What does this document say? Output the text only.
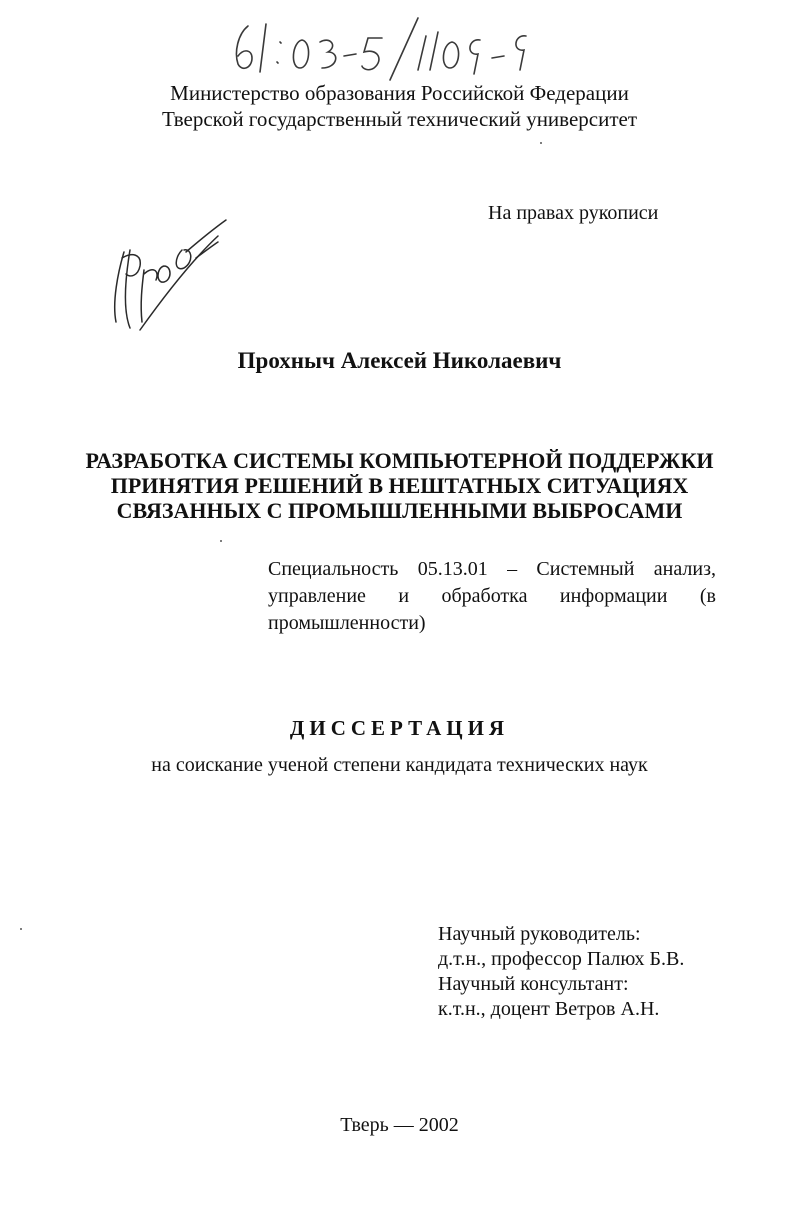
Министерство образования Российской Федерации
Тверской государственный технический университет
На правах рукописи
Прохныч Алексей Николаевич
РАЗРАБОТКА СИСТЕМЫ КОМПЬЮТЕРНОЙ ПОДДЕРЖКИ
ПРИНЯТИЯ РЕШЕНИЙ В НЕШТАТНЫХ СИТУАЦИЯХ
СВЯЗАННЫХ С ПРОМЫШЛЕННЫМИ ВЫБРОСАМИ
Специальность 05.13.01 – Системный анализ, управление и обработка информации (в промышленности)
ДИССЕРТАЦИЯ
на соискание ученой степени кандидата технических наук
Научный руководитель:
д.т.н., профессор Палюх Б.В.
Научный консультант:
к.т.н., доцент Ветров А.Н.
Тверь — 2002
